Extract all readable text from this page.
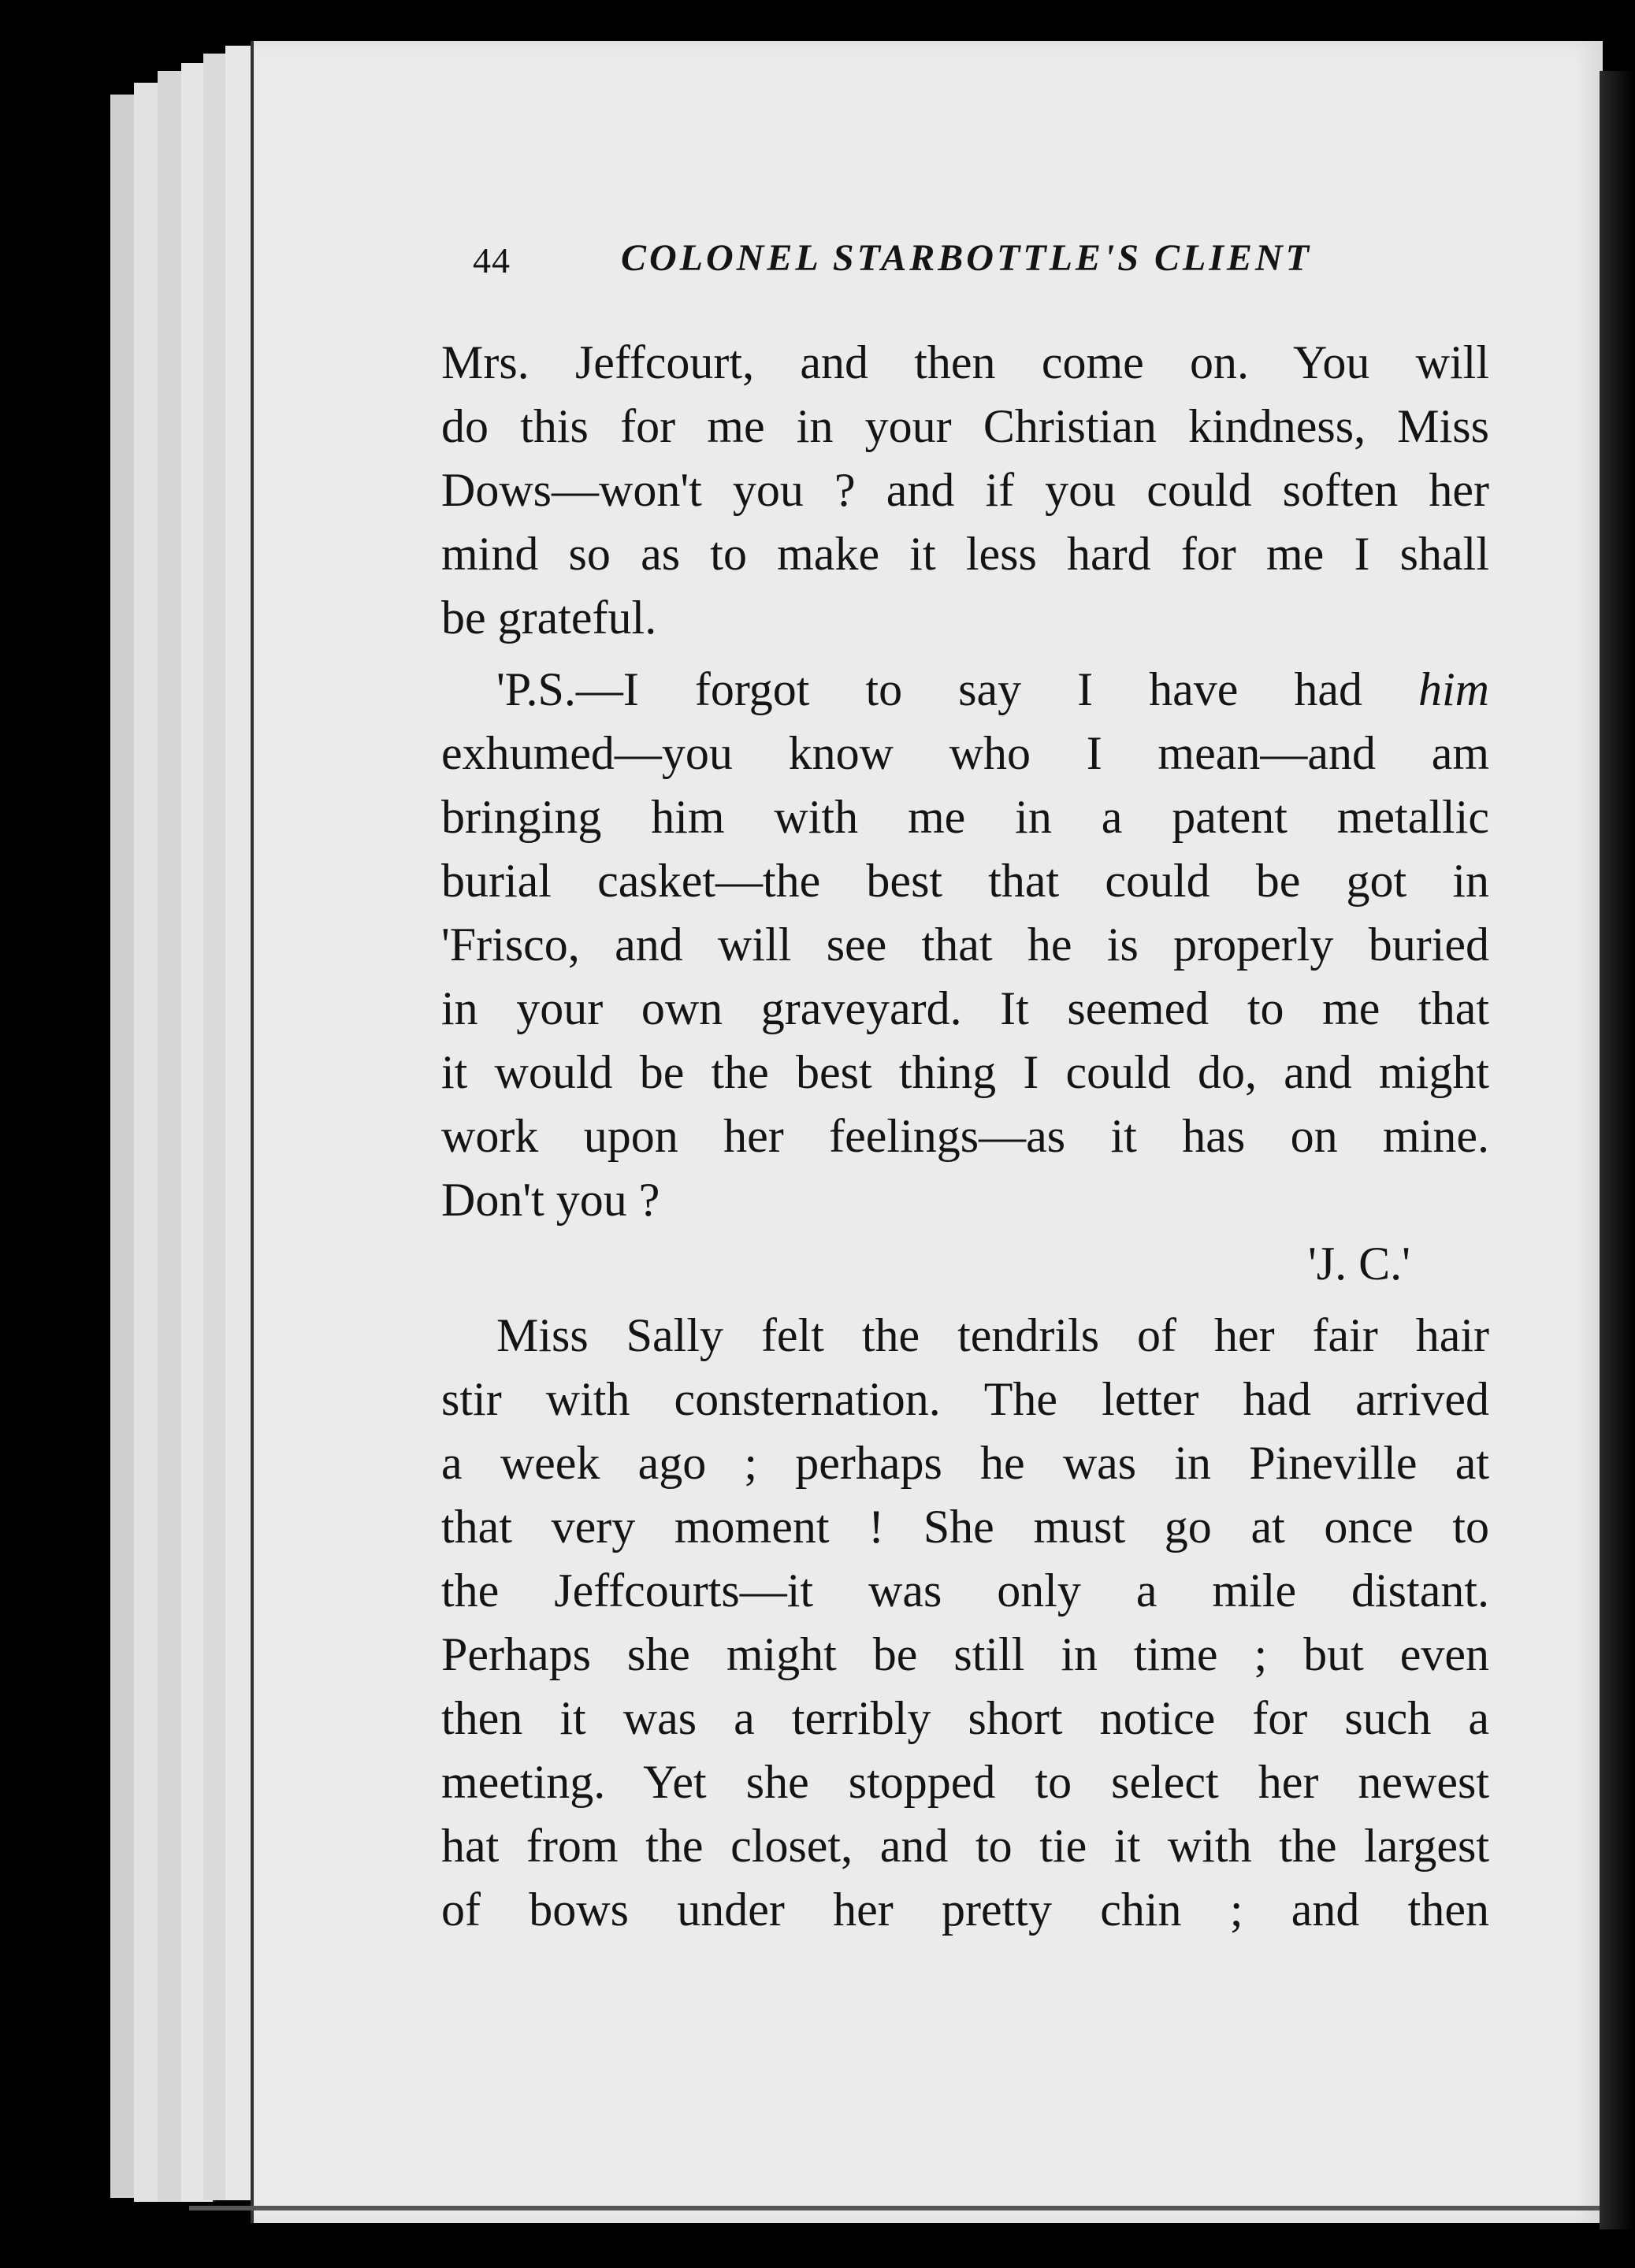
44	COLONEL STARBOTTLE'S CLIENT
Mrs. Jeffcourt, and then come on. You will
do this for me in your Christian kindness, Miss
Dows—won't you ? and if you could soften her
mind so as to make it less hard for me I shall
be grateful.
'P.S.—I forgot to say I have had him
exhumed—you know who I mean—and am
bringing him with me in a patent metallic
burial casket—the best that could be got in
'Frisco, and will see that he is properly buried
in your own graveyard. It seemed to me that
it would be the best thing I could do, and might
work upon her feelings—as it has on mine.
Don't you ?
'J. C.'
Miss Sally felt the tendrils of her fair hair
stir with consternation. The letter had arrived
a week ago ; perhaps he was in Pineville at
that very moment ! She must go at once to
the Jeffcourts—it was only a mile distant.
Perhaps she might be still in time ; but even
then it was a terribly short notice for such a
meeting. Yet she stopped to select her newest
hat from the closet, and to tie it with the largest
of bows under her pretty chin ; and then
